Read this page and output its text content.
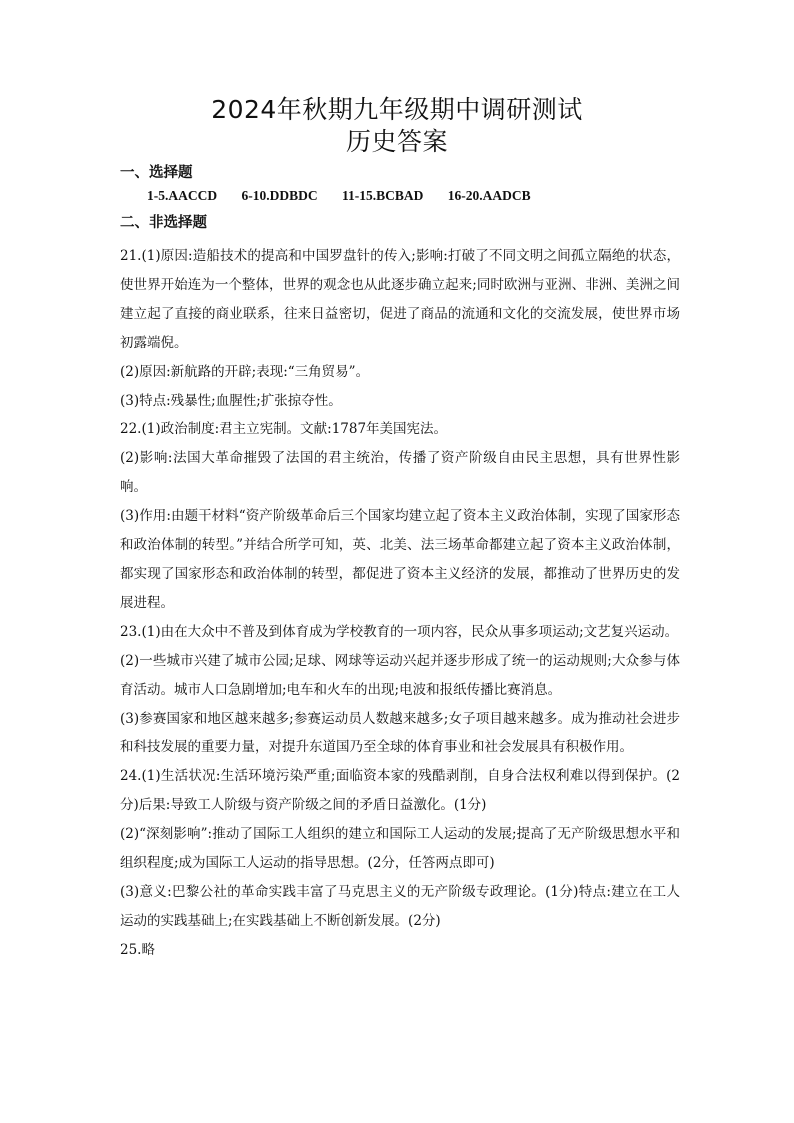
2024年秋期九年级期中调研测试
历史答案
一、选择题
1-5.AACCD 6-10.DDBDC 11-15.BCBAD 16-20.AADCB
二、非选择题

21.(1)原因:造船技术的提高和中国罗盘针的传入;影响:打破了不同文明之间孤立隔绝的状态，使世界开始连为一个整体，世界的观念也从此逐步确立起来;同时欧洲与亚洲、非洲、美洲之间建立起了直接的商业联系，往来日益密切，促进了商品的流通和文化的交流发展，使世界市场初露端倪。

(2)原因:新航路的开辟;表现:“三角贸易”。

(3)特点:残暴性;血腥性;扩张掠夺性。

22.(1)政治制度:君主立宪制。文献:1787年美国宪法。

(2)影响:法国大革命摧毁了法国的君主统治，传播了资产阶级自由民主思想，具有世界性影响。

(3)作用:由题干材料“资产阶级革命后三个国家均建立起了资本主义政治体制，实现了国家形态和政治体制的转型。”并结合所学可知，英、北美、法三场革命都建立起了资本主义政治体制，都实现了国家形态和政治体制的转型，都促进了资本主义经济的发展，都推动了世界历史的发展进程。

23.(1)由在大众中不普及到体育成为学校教育的一项内容，民众从事多项运动;文艺复兴运动。

(2)一些城市兴建了城市公园;足球、网球等运动兴起并逐步形成了统一的运动规则;大众参与体育活动。城市人口急剧增加;电车和火车的出现;电波和报纸传播比赛消息。

(3)参赛国家和地区越来越多;参赛运动员人数越来越多;女子项目越来越多。成为推动社会进步和科技发展的重要力量，对提升东道国乃至全球的体育事业和社会发展具有积极作用。

24.(1)生活状况:生活环境污染严重;面临资本家的残酷剥削，自身合法权利难以得到保护。(2分)后果:导致工人阶级与资产阶级之间的矛盾日益激化。(1分)

(2)“深刻影响”:推动了国际工人组织的建立和国际工人运动的发展;提高了无产阶级思想水平和组织程度;成为国际工人运动的指导思想。(2分，任答两点即可)

(3)意义:巴黎公社的革命实践丰富了马克思主义的无产阶级专政理论。(1分)特点:建立在工人运动的实践基础上;在实践基础上不断创新发展。(2分)

25.略
